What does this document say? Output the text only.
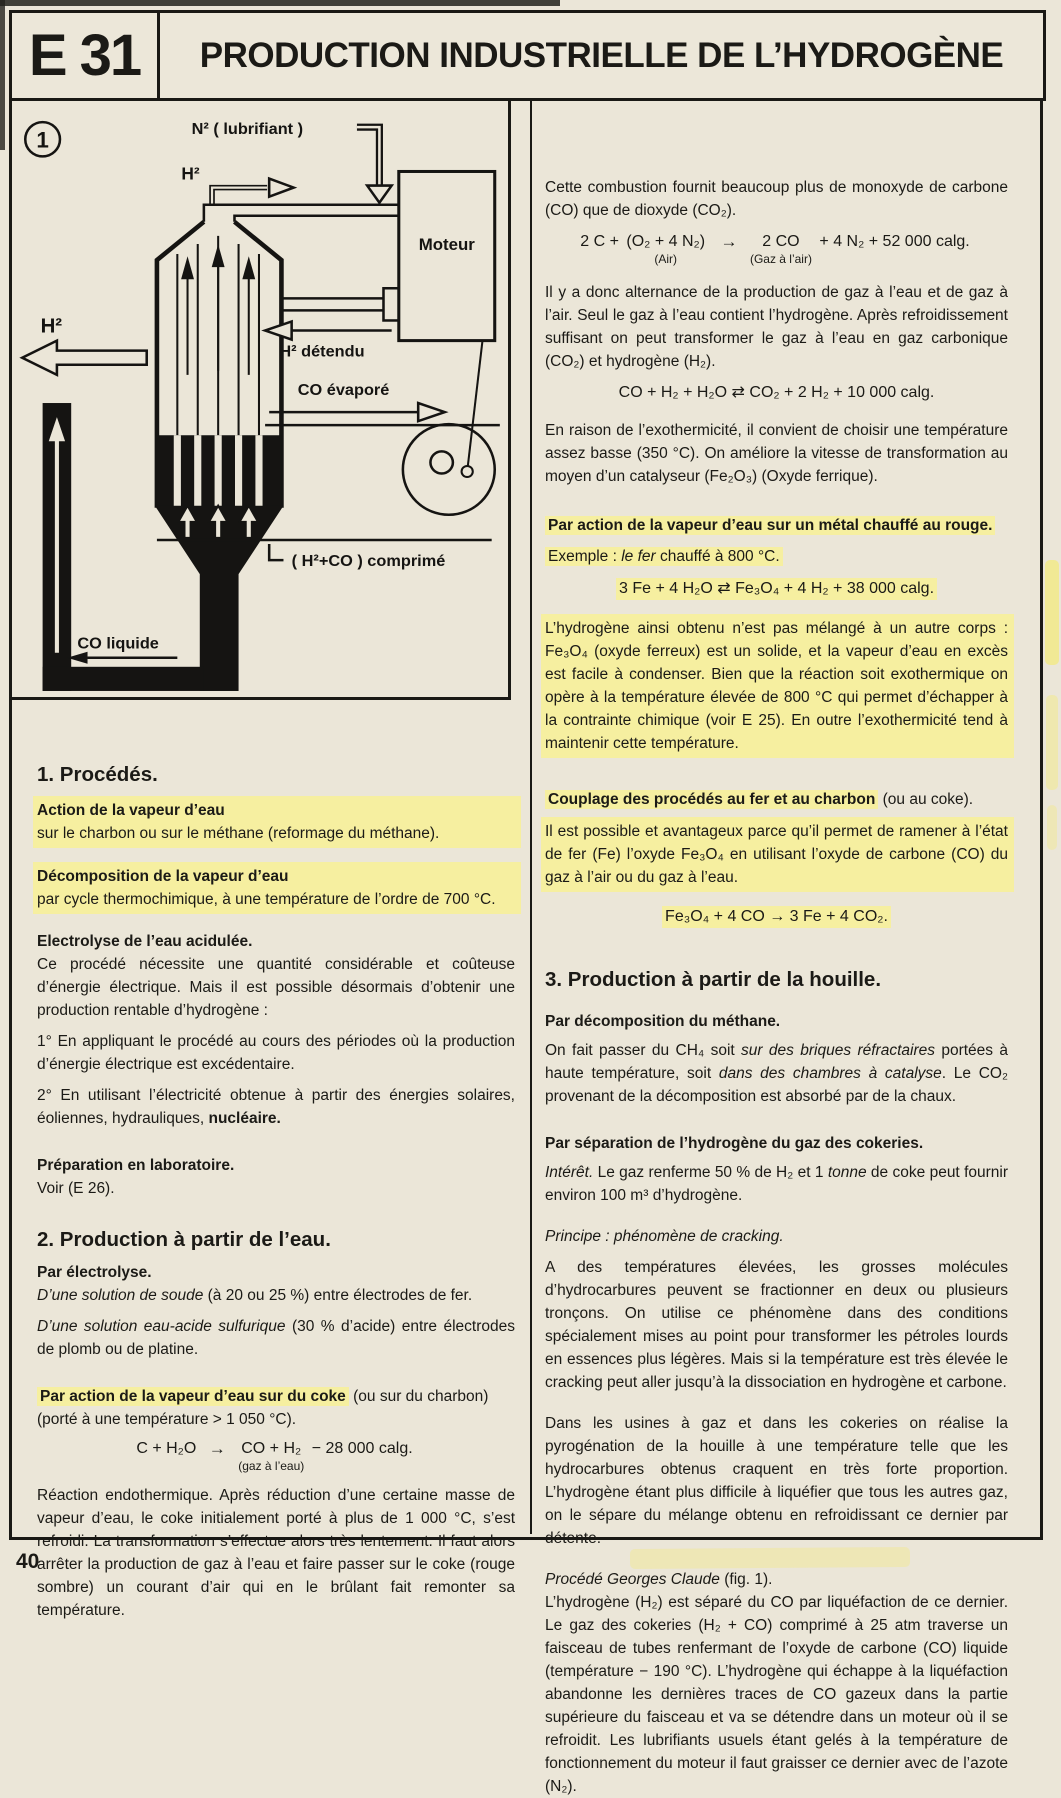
E 31	PRODUCTION INDUSTRIELLE DE L’HYDROGÈNE
1	N² ( lubrifiant )
H²
Moteur
( H²+CO ) comprimé
H² détendu
CO évaporé
H²
CO liquide
1. Procédés.
Action de la vapeur d’eau
sur le charbon ou sur le méthane (reformage du méthane).
Décomposition de la vapeur d’eau
par cycle thermochimique, à une température de l’ordre de 700 °C.
Electrolyse de l’eau acidulée.

Ce procédé nécessite une quantité considérable et coûteuse d’énergie électrique. Mais il est possible désormais d’obtenir une production rentable d’hydrogène :

1° En appliquant le procédé au cours des périodes où la production d’énergie électrique est excédentaire.

2° En utilisant l’électricité obtenue à partir des énergies solaires, éoliennes, hydrauliques, nucléaire.

Préparation en laboratoire.

Voir (E 26).

2. Production à partir de l’eau.
Par électrolyse.

D’une solution de soude (à 20 ou 25 %) entre électrodes de fer.

D’une solution eau-acide sulfurique (30 % d’acide) entre électrodes de plomb ou de platine.

Par action de la vapeur d’eau sur du coke (ou sur du charbon)
(porté à une température > 1 050 °C).
C + H₂O → CO + H₂
(gaz à l’eau)
− 28 000 calg.

Réaction endothermique. Après réduction d’une certaine masse de vapeur d’eau, le coke initialement porté à plus de 1 000 °C, s’est refroidi. La transformation s’effectue alors très lentement. Il faut alors arrêter la production de gaz à l’eau et faire passer sur le coke (rouge sombre) un courant d’air qui en le brûlant fait remonter sa température.

Cette combustion fournit beaucoup plus de monoxyde de carbone (CO) que de dioxyde (CO₂).

2 C + (O₂ + 4 N₂)
(Air)
→	2 CO
(Gaz à l’air)
+ 4 N₂ + 52 000 calg.

Il y a donc alternance de la production de gaz à l’eau et de gaz à l’air. Seul le gaz à l’eau contient l’hydrogène. Après refroidissement suffisant on peut transformer le gaz à l’eau en gaz carbonique (CO₂) et hydrogène (H₂).

CO + H₂ + H₂O ⇄ CO₂ + 2 H₂ + 10 000 calg.

En raison de l’exothermicité, il convient de choisir une température assez basse (350 °C). On améliore la vitesse de transformation au moyen d’un catalyseur (Fe₂O₃) (Oxyde ferrique).

Par action de la vapeur d’eau sur un métal chauffé au rouge.

Exemple : le fer chauffé à 800 °C.

3 Fe + 4 H₂O ⇄ Fe₃O₄ + 4 H₂ + 38 000 calg.

L’hydrogène ainsi obtenu n’est pas mélangé à un autre corps : Fe₃O₄ (oxyde ferreux) est un solide, et la vapeur d’eau en excès est facile à condenser. Bien que la réaction soit exothermique on opère à la température élevée de 800 °C qui permet d’échapper à la contrainte chimique (voir E 25). En outre l’exothermicité tend à maintenir cette température.

Couplage des procédés au fer et au charbon (ou au coke).

Il est possible et avantageux parce qu’il permet de ramener à l’état de fer (Fe) l’oxyde Fe₃O₄ en utilisant l’oxyde de carbone (CO) du gaz à l’air ou du gaz à l’eau.

Fe₃O₄ + 4 CO → 3 Fe + 4 CO₂.
3. Production à partir de la houille.
Par décomposition du méthane.

On fait passer du CH₄ soit sur des briques réfractaires portées à haute température, soit dans des chambres à catalyse. Le CO₂ provenant de la décomposition est absorbé par de la chaux.

Par séparation de l’hydrogène du gaz des cokeries.

Intérêt. Le gaz renferme 50 % de H₂ et 1 tonne de coke peut fournir environ 100 m³ d’hydrogène.

Principe : phénomène de cracking.

A des températures élevées, les grosses molécules d’hydrocarbures peuvent se fractionner en deux ou plusieurs tronçons. On utilise ce phénomène dans des conditions spécialement mises au point pour transformer les pétroles lourds en essences plus légères. Mais si la température est très élevée le cracking peut aller jusqu’à la dissociation en hydrogène et carbone.

Dans les usines à gaz et dans les cokeries on réalise la pyrogénation de la houille à une température telle que les hydrocarbures obtenus craquent en très forte proportion. L’hydrogène étant plus difficile à liquéfier que tous les autres gaz, on le sépare du mélange obtenu en refroidissant ce dernier par détente.

Procédé Georges Claude (fig. 1).

L’hydrogène (H₂) est séparé du CO par liquéfaction de ce dernier. Le gaz des cokeries (H₂ + CO) comprimé à 25 atm traverse un faisceau de tubes renfermant de l’oxyde de carbone (CO) liquide (température − 190 °C). L’hydrogène qui échappe à la liquéfaction abandonne les dernières traces de CO gazeux dans la partie supérieure du faisceau et va se détendre dans un moteur où il se refroidit. Les lubrifiants usuels étant gelés à la température de fonctionnement du moteur il faut graisser ce dernier avec de l’azote (N₂).

40
